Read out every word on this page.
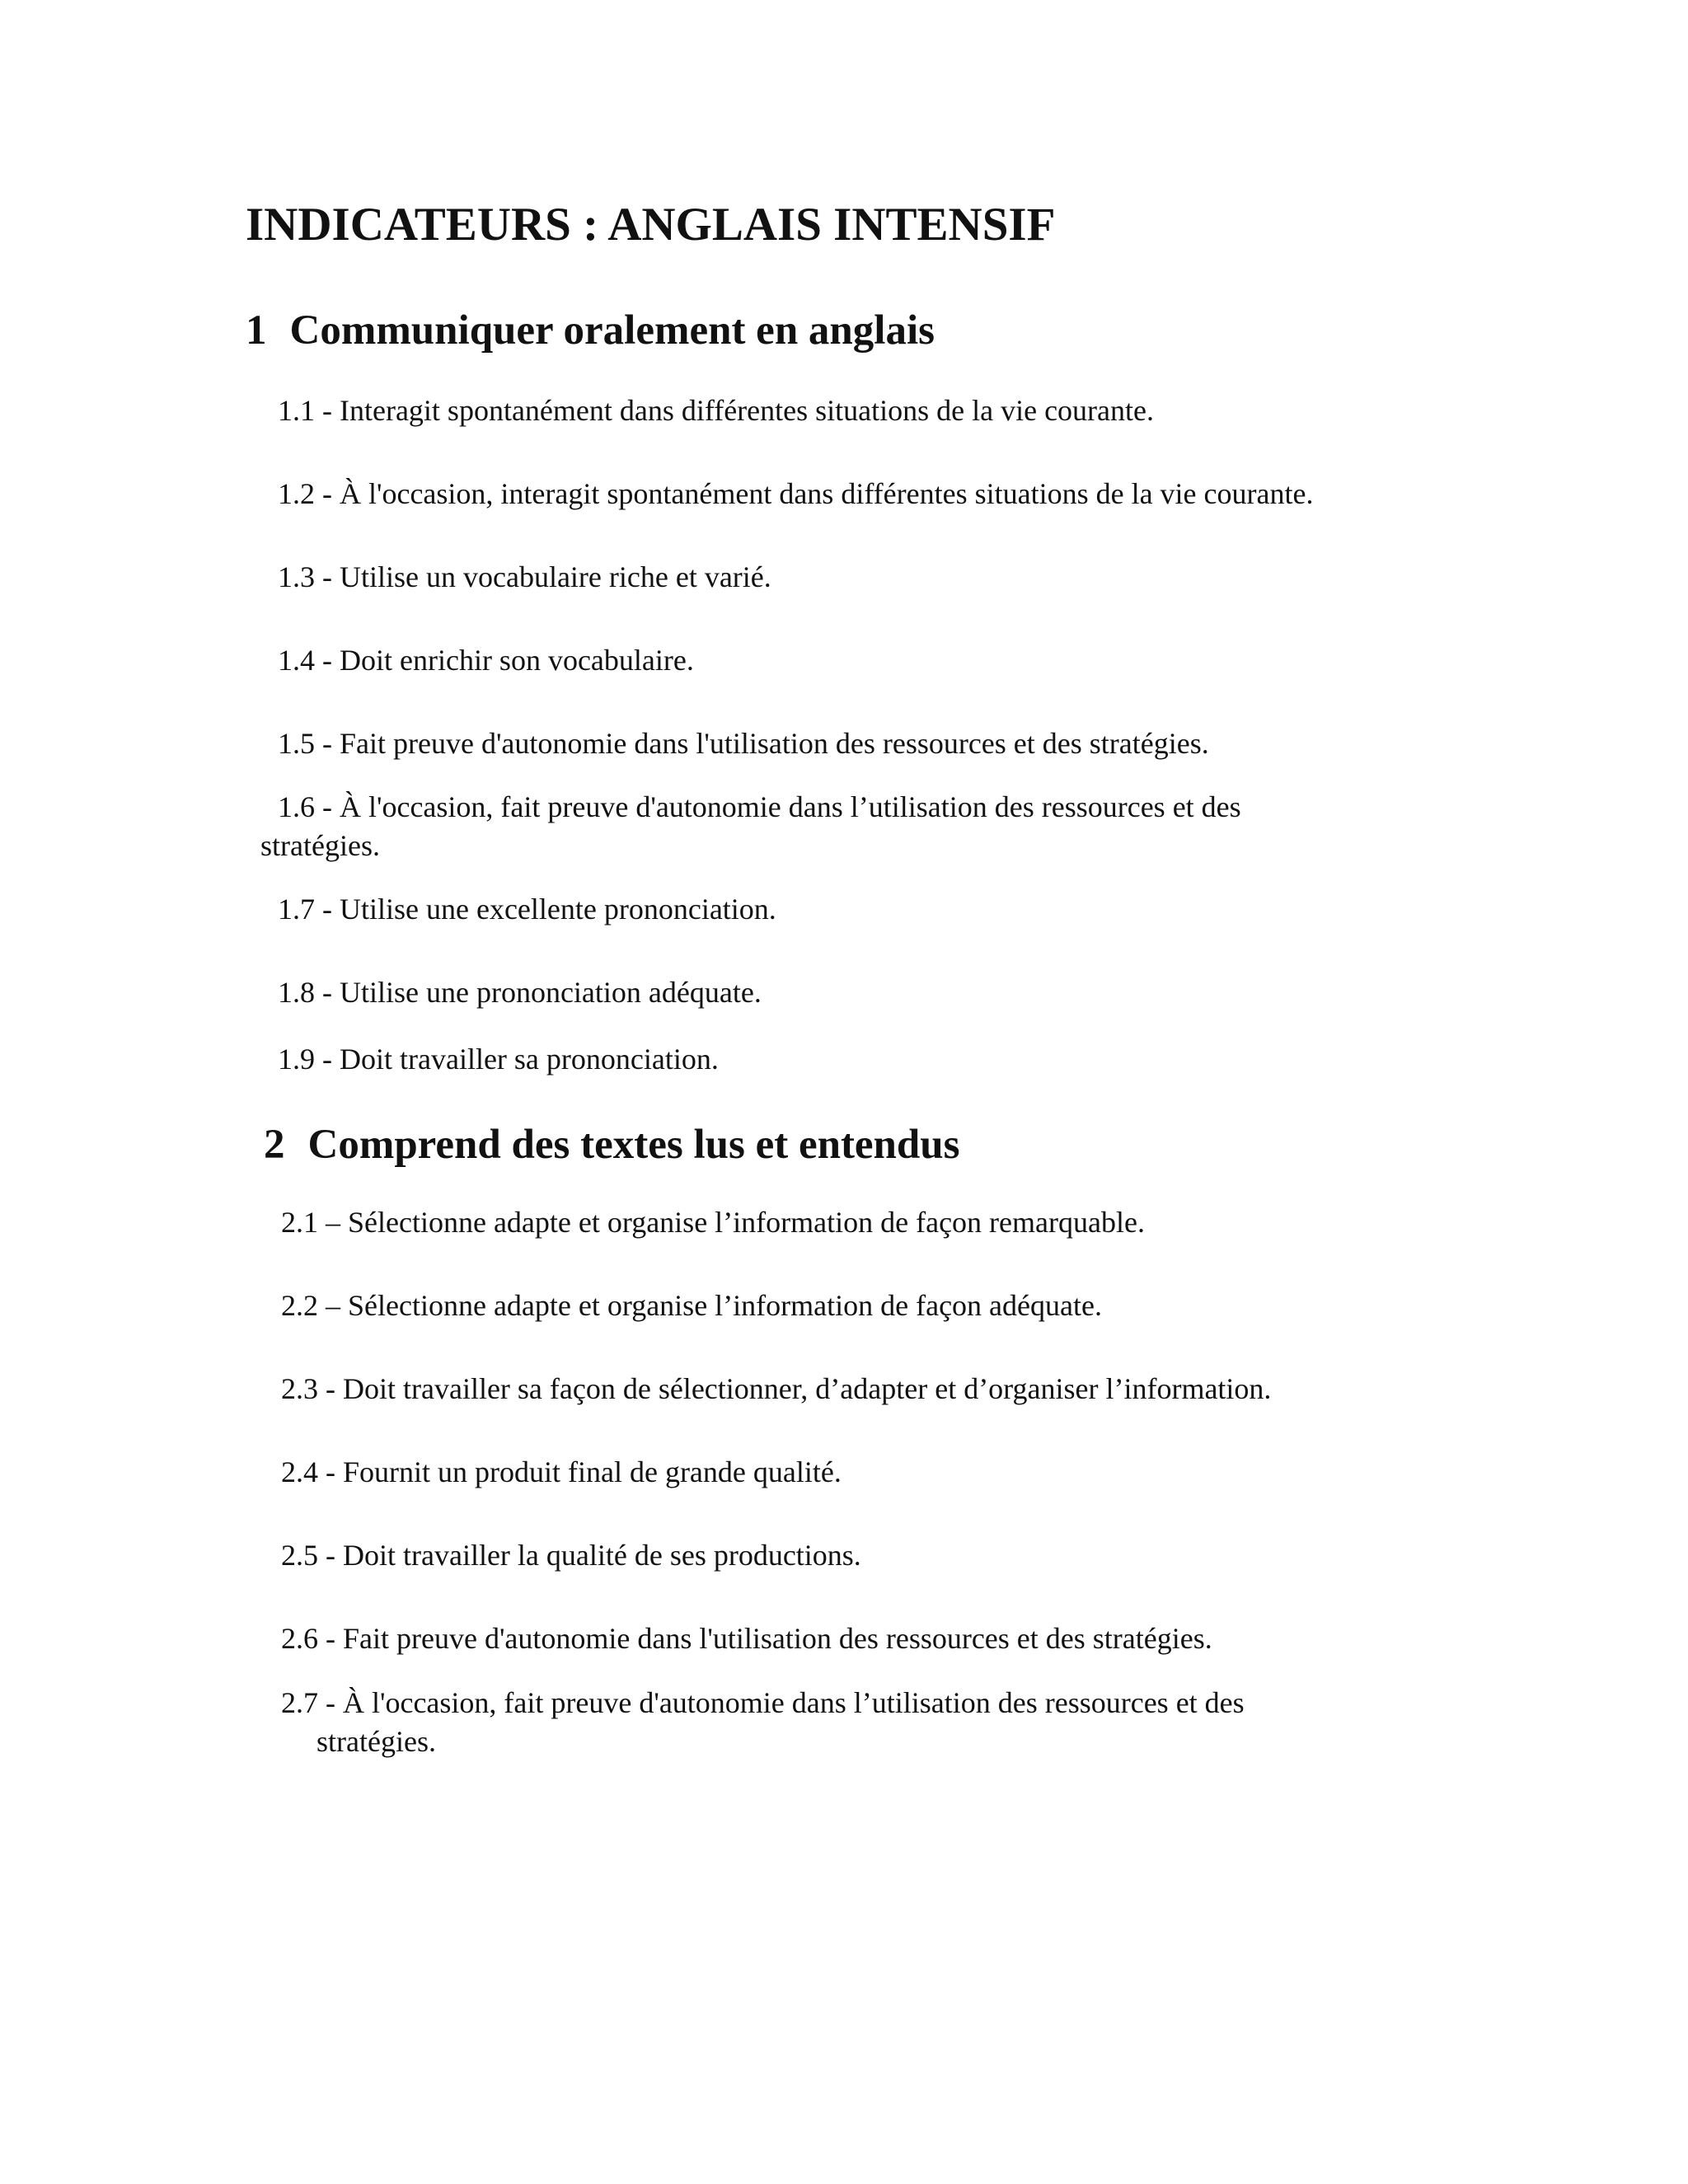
INDICATEURS : ANGLAIS INTENSIF
1 Communiquer oralement en anglais

1.1 - Interagit spontanément dans différentes situations de la vie courante.

1.2 - À l'occasion, interagit spontanément dans différentes situations de la vie courante.

1.3 - Utilise un vocabulaire riche et varié.

1.4 - Doit enrichir son vocabulaire.

1.5 - Fait preuve d'autonomie dans l'utilisation des ressources et des stratégies.

1.6 - À l'occasion, fait preuve d'autonomie dans l’utilisation des ressources et des
stratégies.

1.7 - Utilise une excellente prononciation.

1.8 - Utilise une prononciation adéquate.

1.9 - Doit travailler sa prononciation.

2 Comprend des textes lus et entendus

2.1 – Sélectionne adapte et organise l’information de façon remarquable.

2.2 – Sélectionne adapte et organise l’information de façon adéquate.

2.3 - Doit travailler sa façon de sélectionner, d’adapter et d’organiser l’information.

2.4 - Fournit un produit final de grande qualité.

2.5 - Doit travailler la qualité de ses productions.

2.6 - Fait preuve d'autonomie dans l'utilisation des ressources et des stratégies.

2.7 - À l'occasion, fait preuve d'autonomie dans l’utilisation des ressources et des
stratégies.
